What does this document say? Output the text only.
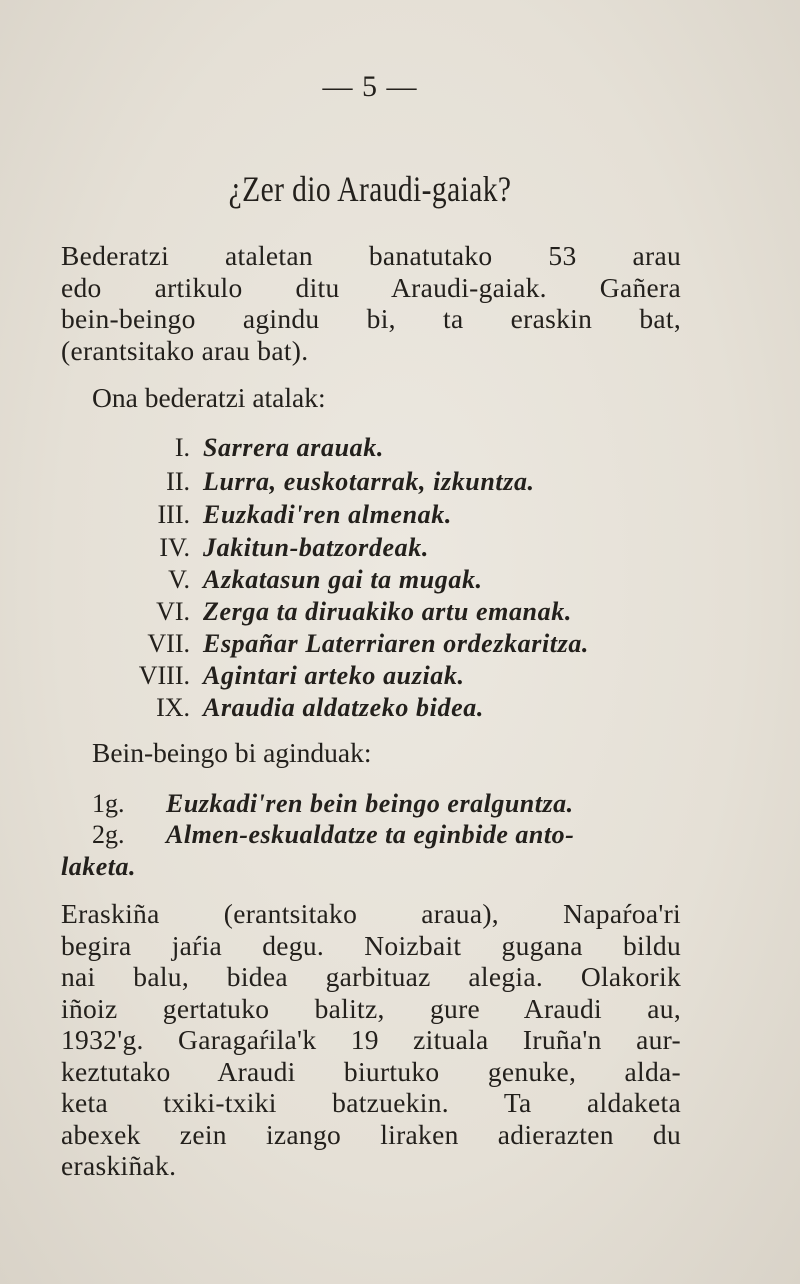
— 5 —
¿Zer dio Araudi-gaiak?
Bederatzi ataletan banatutako 53 arau
edo artikulo ditu Araudi-gaiak. Gañera
bein-beingo agindu bi, ta eraskin bat,
(erantsitako arau bat).
Ona bederatzi atalak:
I. Sarrera arauak.
II. Lurra, euskotarrak, izkuntza.
III. Euzkadi'ren almenak.
IV. Jakitun-batzordeak.
V. Azkatasun gai ta mugak.
VI. Zerga ta diruakiko artu emanak.
VII. Españar Laterriaren ordezkaritza.
VIII. Agintari arteko auziak.
IX. Araudia aldatzeko bidea.
Bein-beingo bi aginduak:
1g. Euzkadi'ren bein beingo eralguntza.
2g. Almen-eskualdatze ta eginbide anto-
laketa.
Eraskiña (erantsitako araua), Napaŕoa'ri
begira jaŕia degu. Noizbait gugana bildu
nai balu, bidea garbituaz alegia. Olakorik
iñoiz gertatuko balitz, gure Araudi au,
1932'g. Garagaŕila'k 19 zituala Iruña'n aur-
keztutako Araudi biurtuko genuke, alda-
keta txiki-txiki batzuekin. Ta aldaketa
abexek zein izango liraken adierazten du
eraskiñak.
